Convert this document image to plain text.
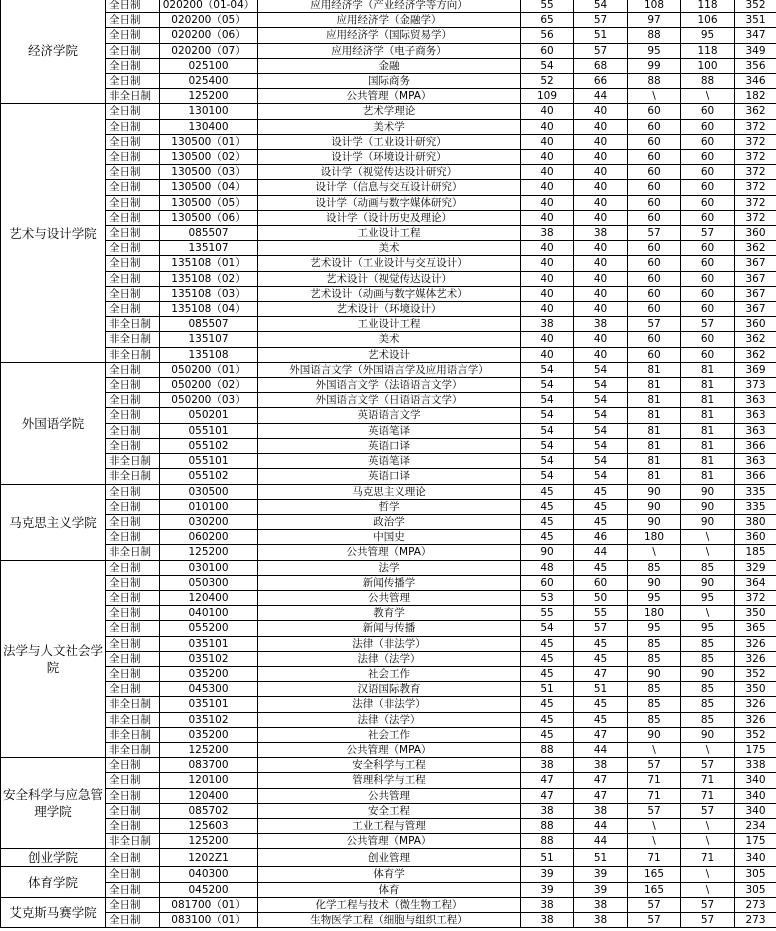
经济学院	全日制	020200（01-04）	应用经济学（产业经济学等方向）	55	54	108	118	352
	全日制	020200（05）	应用经济学（金融学）	65	57	97	106	351
	全日制	020200（06）	应用经济学（国际贸易学）	56	51	88	95	347
	全日制	020200（07）	应用经济学（电子商务）	60	57	95	118	349
	全日制	025100	金融	54	68	99	100	356
	全日制	025400	国际商务	52	66	88	88	346
	非全日制	125200	公共管理（MPA）	109	44	\	\	182
艺术与设计学院	全日制	130100	艺术学理论	40	40	60	60	362
	全日制	130400	美术学	40	40	60	60	372
	全日制	130500（01）	设计学（工业设计研究）	40	40	60	60	372
	全日制	130500（02）	设计学（环境设计研究）	40	40	60	60	372
	全日制	130500（03）	设计学（视觉传达设计研究）	40	40	60	60	372
	全日制	130500（04）	设计学（信息与交互设计研究）	40	40	60	60	372
	全日制	130500（05）	设计学（动画与数字媒体研究）	40	40	60	60	372
	全日制	130500（06）	设计学（设计历史及理论）	40	40	60	60	372
	全日制	085507	工业设计工程	38	38	57	57	360
	全日制	135107	美术	40	40	60	60	362
	全日制	135108（01）	艺术设计（工业设计与交互设计）	40	40	60	60	367
	全日制	135108（02）	艺术设计（视觉传达设计）	40	40	60	60	367
	全日制	135108（03）	艺术设计（动画与数字媒体艺术）	40	40	60	60	367
	全日制	135108（04）	艺术设计（环境设计）	40	40	60	60	367
	非全日制	085507	工业设计工程	38	38	57	57	360
	非全日制	135107	美术	40	40	60	60	362
	非全日制	135108	艺术设计	40	40	60	60	362
外国语学院	全日制	050200（01）	外国语言文学（外国语言学及应用语言学）	54	54	81	81	369
	全日制	050200（02）	外国语言文学（法语语言文学）	54	54	81	81	373
	全日制	050200（03）	外国语言文学（日语语言文学）	54	54	81	81	363
	全日制	050201	英语语言文学	54	54	81	81	363
	全日制	055101	英语笔译	54	54	81	81	363
	全日制	055102	英语口译	54	54	81	81	366
	非全日制	055101	英语笔译	54	54	81	81	363
	非全日制	055102	英语口译	54	54	81	81	366
马克思主义学院	全日制	030500	马克思主义理论	45	45	90	90	335
	全日制	010100	哲学	45	45	90	90	335
	全日制	030200	政治学	45	45	90	90	380
	全日制	060200	中国史	45	46	180	\	360
	非全日制	125200	公共管理（MPA）	90	44	\	\	185
法学与人文社会学院	全日制	030100	法学	48	45	85	85	329
	全日制	050300	新闻传播学	60	60	90	90	364
	全日制	120400	公共管理	53	50	95	95	372
	全日制	040100	教育学	55	55	180	\	350
	全日制	055200	新闻与传播	54	57	95	95	365
	全日制	035101	法律（非法学）	45	45	85	85	326
	全日制	035102	法律（法学）	45	45	85	85	326
	全日制	035200	社会工作	45	47	90	90	352
	全日制	045300	汉语国际教育	51	51	85	85	350
	非全日制	035101	法律（非法学）	45	45	85	85	326
	非全日制	035102	法律（法学）	45	45	85	85	326
	非全日制	035200	社会工作	45	47	90	90	352
	非全日制	125200	公共管理（MPA）	88	44	\	\	175
安全科学与应急管理学院	全日制	083700	安全科学与工程	38	38	57	57	338
	全日制	120100	管理科学与工程	47	47	71	71	340
	全日制	120400	公共管理	47	47	71	71	340
	全日制	085702	安全工程	38	38	57	57	340
	全日制	125603	工业工程与管理	88	44	\	\	234
	非全日制	125200	公共管理（MPA）	88	44	\	\	175
创业学院	全日制	1202Z1	创业管理	51	51	71	71	340
体育学院	全日制	040300	体育学	39	39	165	\	305
	全日制	045200	体育	39	39	165	\	305
艾克斯马赛学院	全日制	081700（01）	化学工程与技术（微生物工程）	38	38	57	57	273
	全日制	083100（01）	生物医学工程（细胞与组织工程）	38	38	57	57	273
